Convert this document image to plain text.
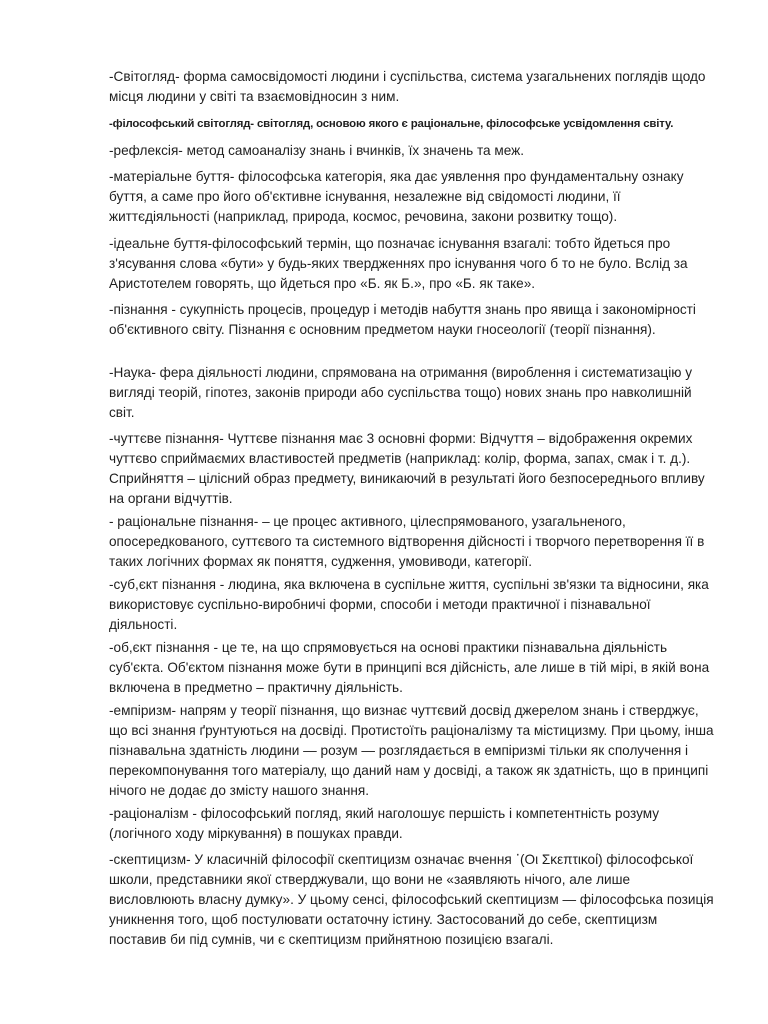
-Світогляд- форма самосвідомості людини і суспільства, система узагальнених поглядів щодо місця людини у світі та взаємовідносин з ним.

-філософський світогляд- світогляд, основою якого є раціональне, філософське усвідомлення світу.

-рефлексія- метод самоаналізу знань і вчинків, їх значень та меж.

-матеріальне буття- філософська категорія, яка дає уявлення про фундаментальну ознаку буття, а саме про його об'єктивне існування, незалежне від свідомості людини, її життєдіяльності (наприклад, природа, космос, речовина, закони розвитку тощо).

-ідеальне буття-філософський термін, що позначає існування взагалі: тобто йдеться про з'ясування слова «бути» у будь-яких твердженнях про існування чого б то не було. Вслід за Аристотелем говорять, що йдеться про «Б. як Б.», про «Б. як таке».

-пізнання - сукупність процесів, процедур і методів набуття знань про явища і закономірності об'єктивного світу. Пізнання є основним предметом науки гносеології (теорії пізнання).

-Наука- фера діяльності людини, спрямована на отримання (вироблення і систематизацію у вигляді теорій, гіпотез, законів природи або суспільства тощо) нових знань про навколишній світ.

-чуттєве пізнання- Чуттєве пізнання має 3 основні форми: Відчуття – відображення окремих чуттєво сприймаємих властивостей предметів (наприклад: колір, форма, запах, смак і т. д.). Сприйняття – цілісний образ предмету, виникаючий в результаті його безпосереднього впливу на органи відчуттів.

- раціональне пізнання- – це процес активного, цілеспрямованого, узагальненого, опосередкованого, суттєвого та системного відтворення дійсності і творчого перетворення її в таких логічних формах як поняття, судження, умовиводи, категорії.

-суб,єкт пізнання - людина, яка включена в суспільне життя, суспільні зв'язки та відносини, яка використовує суспільно-виробничі форми, способи і методи практичної і пізнавальної діяльності.

-об,єкт пізнання - це те, на що спрямовується на основі практики пізнавальна діяльність суб'єкта. Об'єктом пізнання може бути в принципі вся дійсність, але лише в тій мірі, в якій вона включена в предметно – практичну діяльність.

-емпіризм- напрям у теорії пізнання, що визнає чуттєвий досвід джерелом знань і стверджує, що всі знання ґрунтуються на досвіді. Протистоїть раціоналізму та містицизму. При цьому, інша пізнавальна здатність людини — розум — розглядається в емпіризмі тільки як сполучення і перекомпонування того матеріалу, що даний нам у досвіді, а також як здатність, що в принципі нічого не додає до змісту нашого знання.

-раціоналізм - філософський погляд, який наголошує першість і компетентність розуму (логічного ходу міркування) в пошуках правди.

-скептицизм- У класичній філософії скептицизм означає вчення ᾽(Οι Σκεπτικοί) філософської школи, представники якої стверджували, що вони не «заявляють нічого, але лише висловлюють власну думку». У цьому сенсі, філософський скептицизм — філософська позиція уникнення того, щоб постулювати остаточну істину. Застосований до себе, скептицизм поставив би під сумнів, чи є скептицизм прийнятною позицією взагалі.
